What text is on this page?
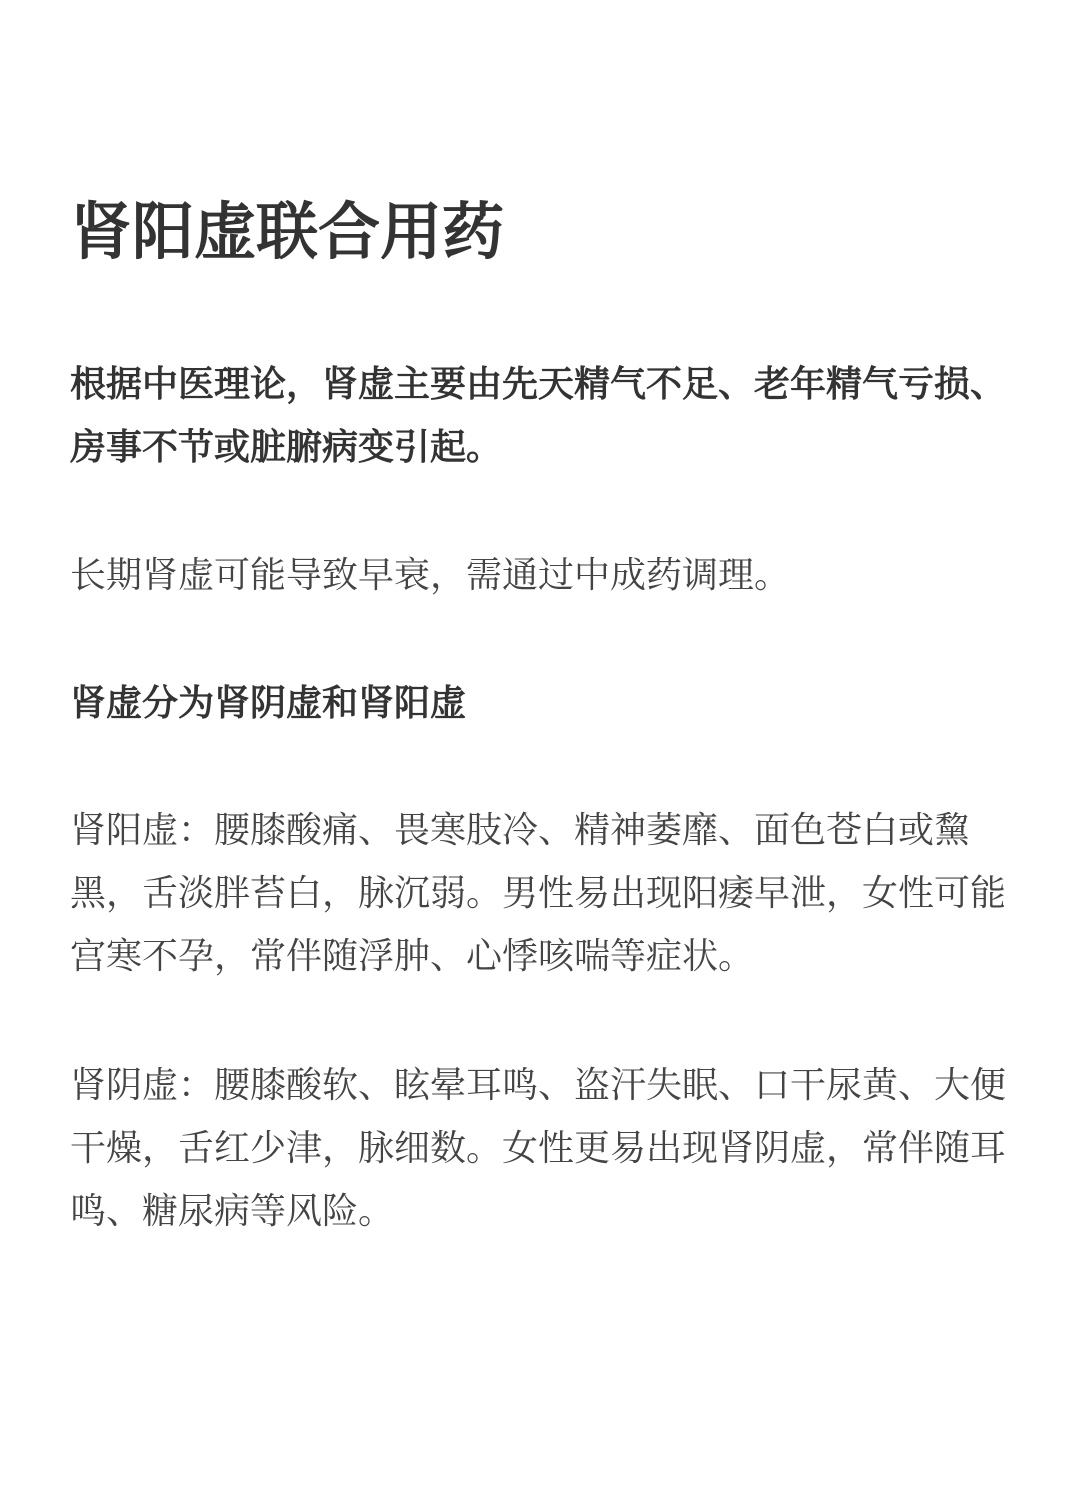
肾阳虚联合用药

根据中医理论，肾虚主要由先天精气不足、老年精气亏损、房事不节或脏腑病变引起。

长期肾虚可能导致早衰，需通过中成药调理。

肾虚分为肾阴虚和肾阳虚

肾阳虚：腰膝酸痛、畏寒肢冷、精神萎靡、面色苍白或黧黑，舌淡胖苔白，脉沉弱。男性易出现阳痿早泄，女性可能宫寒不孕，常伴随浮肿、心悸咳喘等症状。

肾阴虚：腰膝酸软、眩晕耳鸣、盗汗失眠、口干尿黄、大便干燥，舌红少津，脉细数。女性更易出现肾阴虚，常伴随耳鸣、糖尿病等风险。
